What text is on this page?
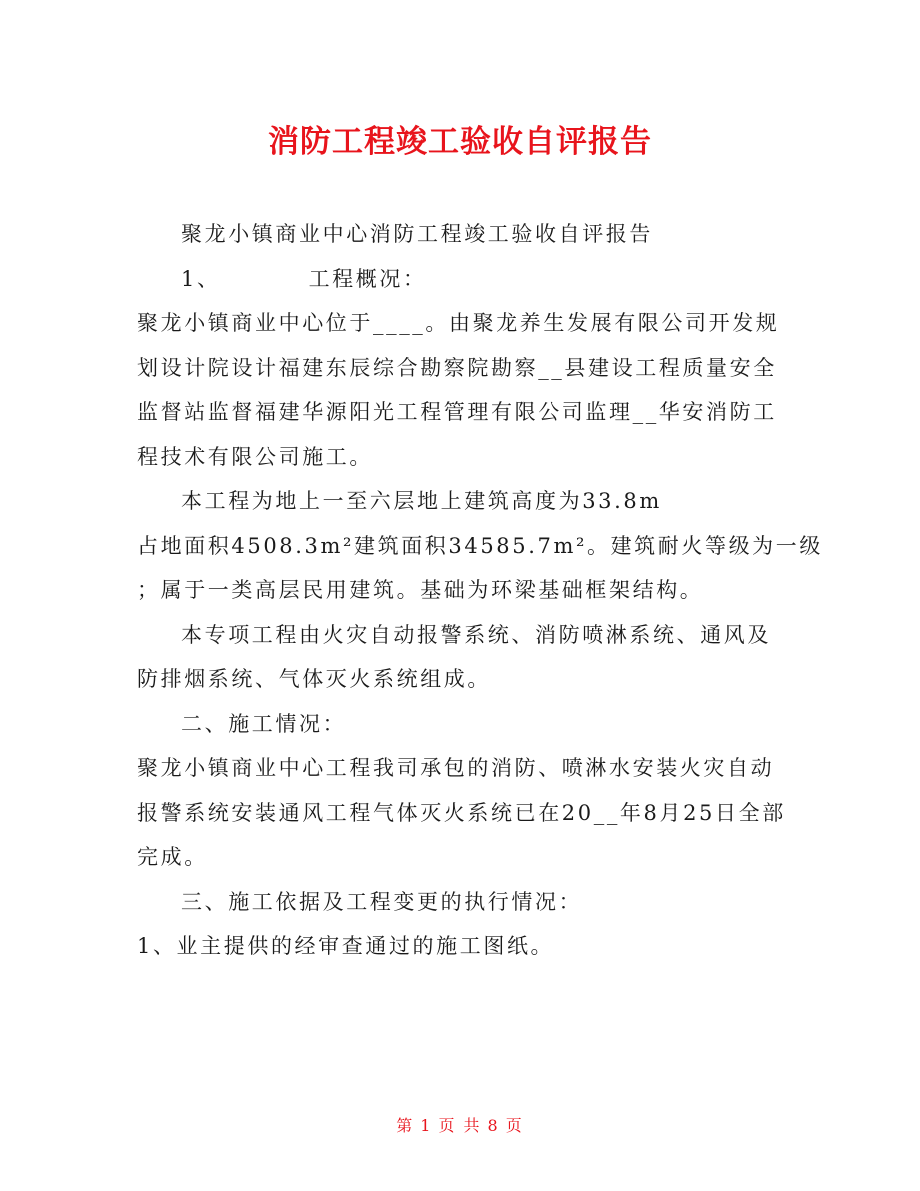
消防工程竣工验收自评报告
聚龙小镇商业中心消防工程竣工验收自评报告
1、	工程概况：
聚龙小镇商业中心位于____。由聚龙养生发展有限公司开发规
划设计院设计福建东辰综合勘察院勘察__县建设工程质量安全
监督站监督福建华源阳光工程管理有限公司监理__华安消防工
程技术有限公司施工。
本工程为地上一至六层地上建筑高度为33.8m
占地面积4508.3m²建筑面积34585.7m²。建筑耐火等级为一级
；属于一类高层民用建筑。基础为环梁基础框架结构。
本专项工程由火灾自动报警系统、消防喷淋系统、通风及
防排烟系统、气体灭火系统组成。
二、施工情况：
聚龙小镇商业中心工程我司承包的消防、喷淋水安装火灾自动
报警系统安装通风工程气体灭火系统已在20__年8月25日全部
完成。
三、施工依据及工程变更的执行情况：
1、业主提供的经审查通过的施工图纸。
第 1 页 共 8 页
